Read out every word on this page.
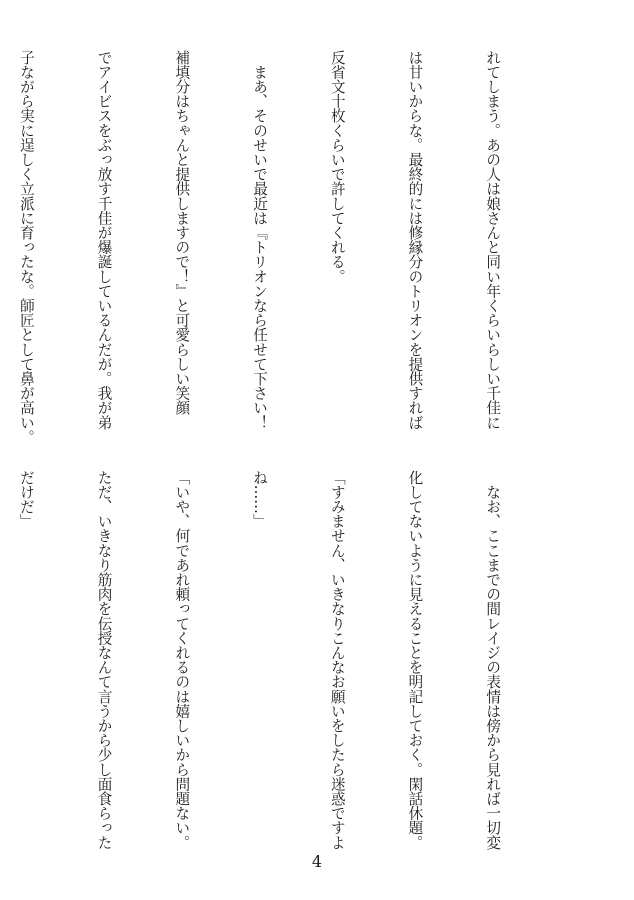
れてしまう。あの人は娘さんと同い年くらいらしい千佳に

は甘いからな。最終的には修縁分のトリオンを提供すれば

反省文十枚くらいで許してくれる。

　まあ、そのせいで最近は『トリオンなら任せて下さい！

補填分はちゃんと提供しますので！』と可愛らしい笑顔

でアイビスをぶっ放す千佳が爆誕しているんだが。我が弟

子ながら実に逞しく立派に育ったな。師匠として鼻が高い。

　なお、ここまでの間レイジの表情は傍から見れば一切変

化してないように見えることを明記しておく。閑話休題。

「すみません、いきなりこんなお願いをしたら迷惑ですよ

ね……」

「いや、何であれ頼ってくれるのは嬉しいから問題ない。

ただ、いきなり筋肉を伝授なんて言うから少し面食らった

だけだ」

4
